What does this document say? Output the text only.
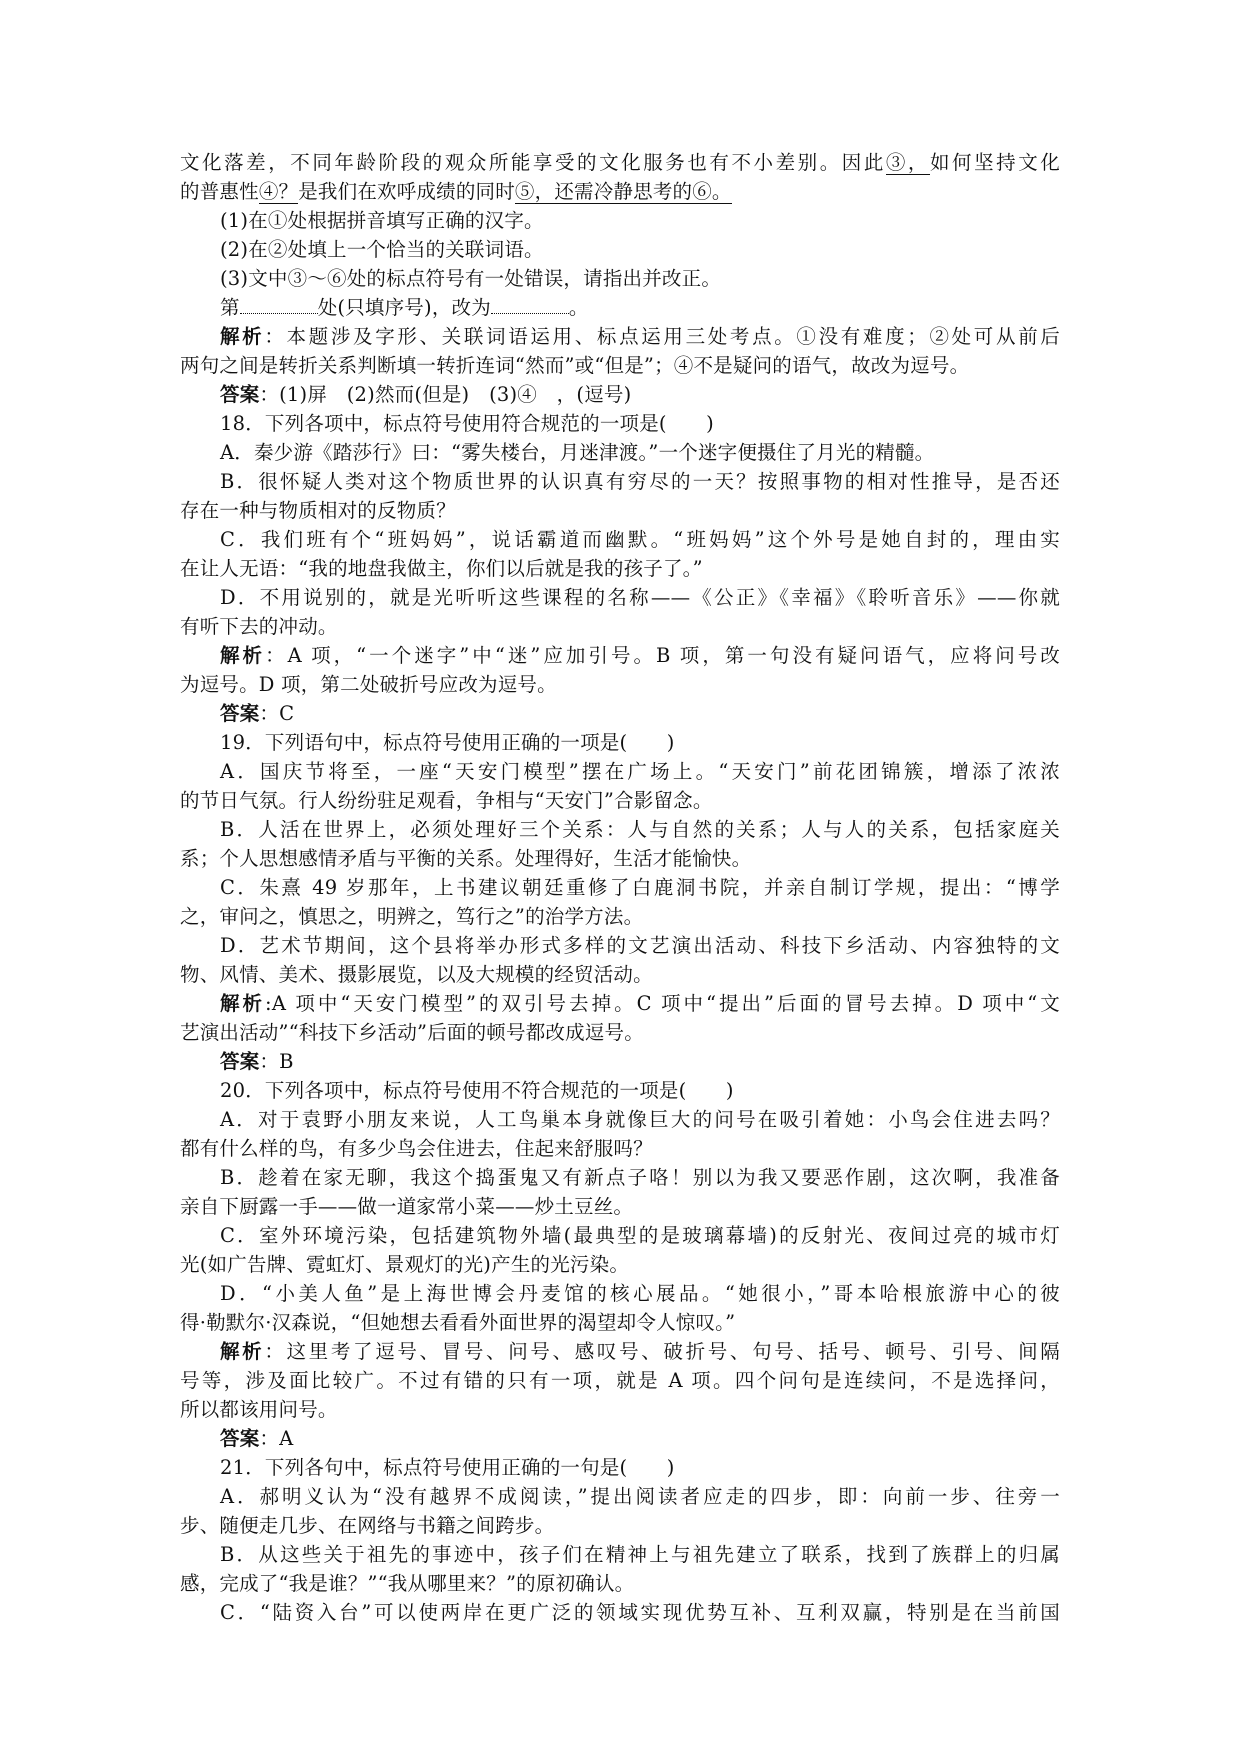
文化落差，不同年龄阶段的观众所能享受的文化服务也有不小差别。因此③，如何坚持文化
的普惠性④？是我们在欢呼成绩的同时⑤，还需冷静思考的⑥。
(1)在①处根据拼音填写正确的汉字。
(2)在②处填上一个恰当的关联词语。
(3)文中③～⑥处的标点符号有一处错误，请指出并改正。
第	处(只填序号)，改为	。
解析：本题涉及字形、关联词语运用、标点运用三处考点。①没有难度；②处可从前后
两句之间是转折关系判断填一转折连词“然而”或“但是”；④不是疑问的语气，故改为逗号。
答案：(1)屏　(2)然而(但是)　(3)④　，(逗号)
18．下列各项中，标点符号使用符合规范的一项是(　　)
A．秦少游《踏莎行》曰：“雾失楼台，月迷津渡。”一个迷字便摄住了月光的精髓。
B．很怀疑人类对这个物质世界的认识真有穷尽的一天？按照事物的相对性推导，是否还
存在一种与物质相对的反物质？
C．我们班有个“班妈妈”，说话霸道而幽默。“班妈妈”这个外号是她自封的，理由实
在让人无语：“我的地盘我做主，你们以后就是我的孩子了。”
D．不用说别的，就是光听听这些课程的名称——《公正》《幸福》《聆听音乐》——你就
有听下去的冲动。
解析：A 项，“一个迷字”中“迷”应加引号。B 项，第一句没有疑问语气，应将问号改
为逗号。D 项，第二处破折号应改为逗号。
答案：C
19．下列语句中，标点符号使用正确的一项是(　　)
A．国庆节将至，一座“天安门模型”摆在广场上。“天安门”前花团锦簇，增添了浓浓
的节日气氛。行人纷纷驻足观看，争相与“天安门”合影留念。
B．人活在世界上，必须处理好三个关系：人与自然的关系；人与人的关系，包括家庭关
系；个人思想感情矛盾与平衡的关系。处理得好，生活才能愉快。
C．朱熹 49 岁那年，上书建议朝廷重修了白鹿洞书院，并亲自制订学规，提出：“博学
之，审问之，慎思之，明辨之，笃行之”的治学方法。
D．艺术节期间，这个县将举办形式多样的文艺演出活动、科技下乡活动、内容独特的文
物、风情、美术、摄影展览，以及大规模的经贸活动。
解析:A 项中“天安门模型”的双引号去掉。C 项中“提出”后面的冒号去掉。D 项中“文
艺演出活动”“科技下乡活动”后面的顿号都改成逗号。
答案：B
20．下列各项中，标点符号使用不符合规范的一项是(　　)
A．对于袁野小朋友来说，人工鸟巢本身就像巨大的问号在吸引着她：小鸟会住进去吗？
都有什么样的鸟，有多少鸟会住进去，住起来舒服吗？
B．趁着在家无聊，我这个捣蛋鬼又有新点子咯！别以为我又要恶作剧，这次啊，我准备
亲自下厨露一手——做一道家常小菜——炒土豆丝。
C．室外环境污染，包括建筑物外墙(最典型的是玻璃幕墙)的反射光、夜间过亮的城市灯
光(如广告牌、霓虹灯、景观灯的光)产生的光污染。
D．“小美人鱼”是上海世博会丹麦馆的核心展品。“她很小，”哥本哈根旅游中心的彼
得·勒默尔·汉森说，“但她想去看看外面世界的渴望却令人惊叹。”
解析：这里考了逗号、冒号、问号、感叹号、破折号、句号、括号、顿号、引号、间隔
号等，涉及面比较广。不过有错的只有一项，就是 A 项。四个问句是连续问，不是选择问，
所以都该用问号。
答案：A
21．下列各句中，标点符号使用正确的一句是(　　)
A．郝明义认为“没有越界不成阅读，”提出阅读者应走的四步，即：向前一步、往旁一
步、随便走几步、在网络与书籍之间跨步。
B．从这些关于祖先的事迹中，孩子们在精神上与祖先建立了联系，找到了族群上的归属
感，完成了“我是谁？”“我从哪里来？”的原初确认。
C．“陆资入台”可以使两岸在更广泛的领域实现优势互补、互利双赢，特别是在当前国
